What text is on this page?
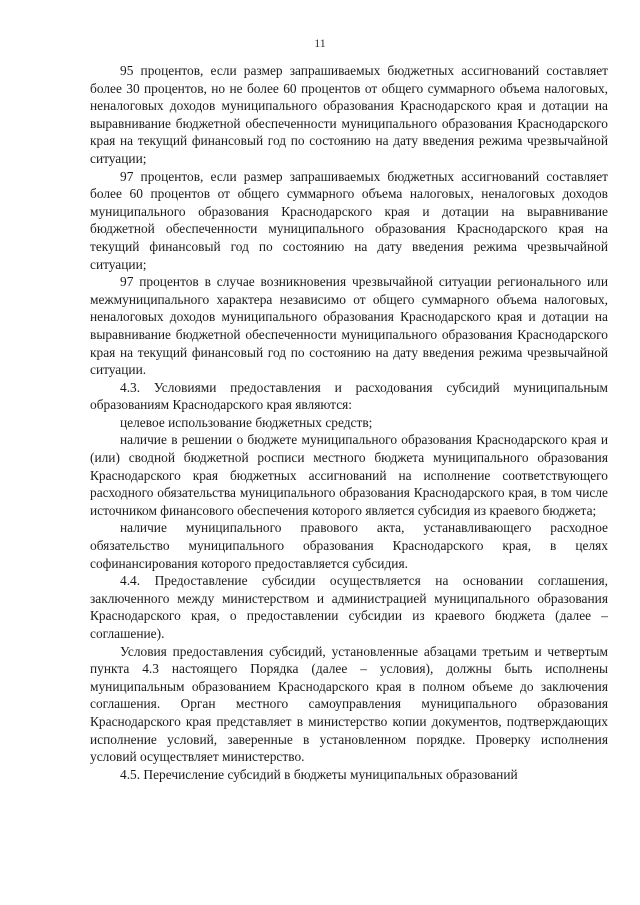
11

95 процентов, если размер запрашиваемых бюджетных ассигнований составляет более 30 процентов, но не более 60 процентов от общего суммарного объема налоговых, неналоговых доходов муниципального образования Краснодарского края и дотации на выравнивание бюджетной обеспеченности муниципального образования Краснодарского края на текущий финансовый год по состоянию на дату введения режима чрезвычайной ситуации;

97 процентов, если размер запрашиваемых бюджетных ассигнований составляет более 60 процентов от общего суммарного объема налоговых, неналоговых доходов муниципального образования Краснодарского края и дотации на выравнивание бюджетной обеспеченности муниципального образования Краснодарского края на текущий финансовый год по состоянию на дату введения режима чрезвычайной ситуации;

97 процентов в случае возникновения чрезвычайной ситуации регионального или межмуниципального характера независимо от общего суммарного объема налоговых, неналоговых доходов муниципального образования Краснодарского края и дотации на выравнивание бюджетной обеспеченности муниципального образования Краснодарского края на текущий финансовый год по состоянию на дату введения режима чрезвычайной ситуации.

4.3. Условиями предоставления и расходования субсидий муниципальным образованиям Краснодарского края являются:

целевое использование бюджетных средств;

наличие в решении о бюджете муниципального образования Краснодарского края и (или) сводной бюджетной росписи местного бюджета муниципального образования Краснодарского края бюджетных ассигнований на исполнение соответствующего расходного обязательства муниципального образования Краснодарского края, в том числе источником финансового обеспечения которого является субсидия из краевого бюджета;

наличие муниципального правового акта, устанавливающего расходное обязательство муниципального образования Краснодарского края, в целях софинансирования которого предоставляется субсидия.

4.4. Предоставление субсидии осуществляется на основании соглашения, заключенного между министерством и администрацией муниципального образования Краснодарского края, о предоставлении субсидии из краевого бюджета (далее – соглашение).

Условия предоставления субсидий, установленные абзацами третьим и четвертым пункта 4.3 настоящего Порядка (далее – условия), должны быть исполнены муниципальным образованием Краснодарского края в полном объеме до заключения соглашения. Орган местного самоуправления муниципального образования Краснодарского края представляет в министерство копии документов, подтверждающих исполнение условий, заверенные в установленном порядке. Проверку исполнения условий осуществляет министерство.

4.5. Перечисление субсидий в бюджеты муниципальных образований
